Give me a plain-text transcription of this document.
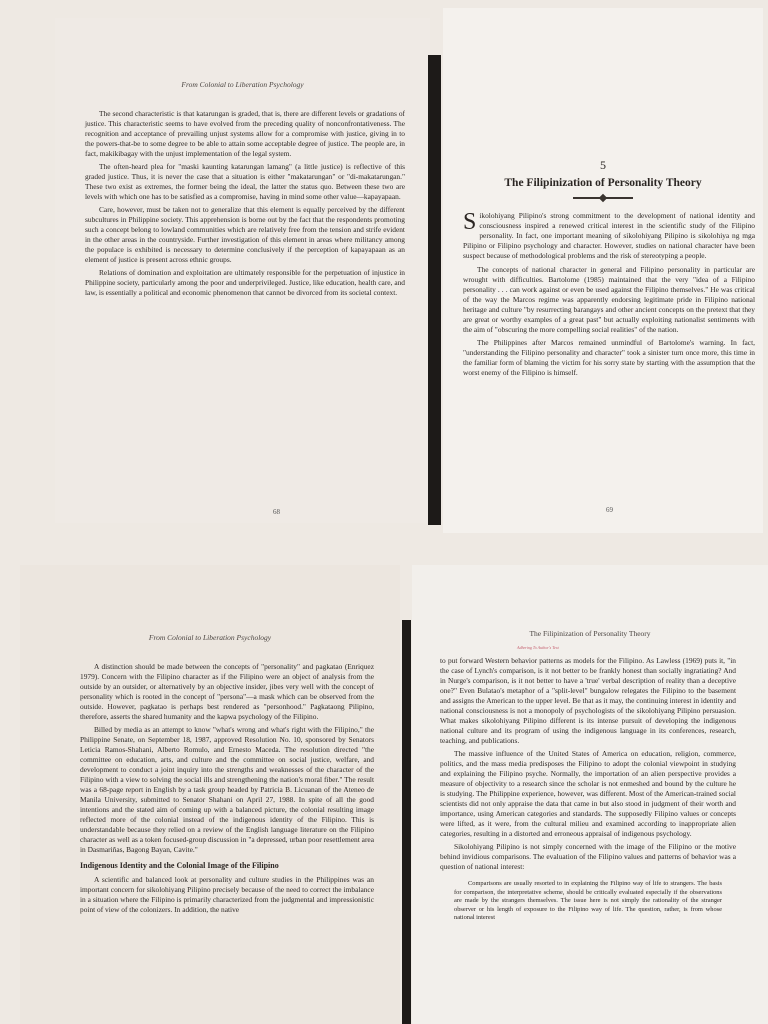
From Colonial to Liberation Psychology

The second characteristic is that katarungan is graded, that is, there are different levels or gradations of justice. This characteristic seems to have evolved from the preceding quality of nonconfrontativeness. The recognition and acceptance of prevailing unjust systems allow for a compromise with justice, giving in to the powers-that-be to some degree to be able to attain some acceptable degree of justice. The people are, in fact, makikibagay with the unjust implementation of the legal system.

The often-heard plea for "maski kaunting katarungan lamang" (a little justice) is reflective of this graded justice. Thus, it is never the case that a situation is either "makatarungan" or "di-makatarungan." These two exist as extremes, the former being the ideal, the latter the status quo. Between these two are levels with which one has to be satisfied as a compromise, having in mind some other value—kapayapaan.

Care, however, must be taken not to generalize that this element is equally perceived by the different subcultures in Philippine society. This apprehension is borne out by the fact that the respondents promoting such a concept belong to lowland communities which are relatively free from the tension and strife evident in the other areas in the countryside. Further investigation of this element in areas where militancy among the populace is exhibited is necessary to determine conclusively if the perception of kapayapaan as an element of justice is present across ethnic groups.

Relations of domination and exploitation are ultimately responsible for the perpetuation of injustice in Philippine society, particularly among the poor and underprivileged. Justice, like education, health care, and law, is essentially a political and economic phenomenon that cannot be divorced from its societal context.

68
5
The Filipinization of Personality Theory

Sikolohiyang Pilipino's strong commitment to the development of national identity and consciousness inspired a renewed critical interest in the scientific study of the Filipino personality. In fact, one important meaning of sikolohiyang Pilipino is sikolohiya ng mga Pilipino or Filipino psychology and character. However, studies on national character have been suspect because of methodological problems and the risk of stereotyping a people.

The concepts of national character in general and Filipino personality in particular are wrought with difficulties. Bartolome (1985) maintained that the very "idea of a Filipino personality . . . can work against or even be used against the Filipino themselves." He was critical of the way the Marcos regime was apparently endorsing legitimate pride in Filipino national heritage and culture "by resurrecting barangays and other ancient concepts on the pretext that they are great or worthy examples of a great past" but actually exploiting nationalist sentiments with the aim of "obscuring the more compelling social realities" of the nation.

The Philippines after Marcos remained unmindful of Bartolome's warning. In fact, "understanding the Filipino personality and character" took a sinister turn once more, this time in the familiar form of blaming the victim for his sorry state by starting with the assumption that the worst enemy of the Filipino is himself.

69
From Colonial to Liberation Psychology

A distinction should be made between the concepts of "personality" and pagkatao (Enriquez 1979). Concern with the Filipino character as if the Filipino were an object of analysis from the outside by an outsider, or alternatively by an objective insider, jibes very well with the concept of personality which is rooted in the concept of "persona"—a mask which can be observed from the outside. However, pagkatao is perhaps best rendered as "personhood." Pagkataong Pilipino, therefore, asserts the shared humanity and the kapwa psychology of the Filipino.

Billed by media as an attempt to know "what's wrong and what's right with the Filipino," the Philippine Senate, on September 18, 1987, approved Resolution No. 10, sponsored by Senators Leticia Ramos-Shahani, Alberto Romulo, and Ernesto Maceda. The resolution directed "the committee on education, arts, and culture and the committee on social justice, welfare, and development to conduct a joint inquiry into the strengths and weaknesses of the character of the Filipino with a view to solving the social ills and strengthening the nation's moral fiber." The result was a 68-page report in English by a task group headed by Patricia B. Licuanan of the Ateneo de Manila University, submitted to Senator Shahani on April 27, 1988. In spite of all the good intentions and the stated aim of coming up with a balanced picture, the colonial resulting image reflected more of the colonial instead of the indigenous identity of the Filipino. This is understandable because they relied on a review of the English language literature on the Filipino character as well as a token focused-group discussion in "a depressed, urban poor resettlement area in Dasmariñas, Bagong Bayan, Cavite."

Indigenous Identity and the Colonial Image of the Filipino

A scientific and balanced look at personality and culture studies in the Philippines was an important concern for sikolohiyang Pilipino precisely because of the need to correct the imbalance in a situation where the Filipino is primarily characterized from the judgmental and impressionistic point of view of the colonizers. In addition, the native

The Filipinization of Personality Theory
Adhering To Author's Text

to put forward Western behavior patterns as models for the Filipino. As Lawless (1969) puts it, "in the case of Lynch's comparison, is it not better to be frankly honest than socially ingratiating? And in Nurge's comparison, is it not better to have a 'true' verbal description of reality than a deceptive one?" Even Bulatao's metaphor of a "split-level" bungalow relegates the Filipino to the basement and assigns the American to the upper level. Be that as it may, the continuing interest in identity and national consciousness is not a monopoly of psychologists of the sikolohiyang Pilipino persuasion. What makes sikolohiyang Pilipino different is its intense pursuit of developing the indigenous national culture and its program of using the indigenous language in its conferences, research, teaching, and publications.

The massive influence of the United States of America on education, religion, commerce, politics, and the mass media predisposes the Filipino to adopt the colonial viewpoint in studying and explaining the Filipino psyche. Normally, the importation of an alien perspective provides a measure of objectivity to a research since the scholar is not enmeshed and bound by the culture he is studying. The Philippine experience, however, was different. Most of the American-trained social scientists did not only appraise the data that came in but also stood in judgment of their worth and importance, using American categories and standards. The supposedly Filipino values or concepts were lifted, as it were, from the cultural milieu and examined according to inappropriate alien categories, resulting in a distorted and erroneous appraisal of indigenous psychology.

Sikolohiyang Pilipino is not simply concerned with the image of the Filipino or the motive behind invidious comparisons. The evaluation of the Filipino values and patterns of behavior was a question of national interest:

Comparisons are usually resorted to in explaining the Filipino way of life to strangers. The basis for comparison, the interpretative scheme, should be critically evaluated especially if the observations are made by the strangers themselves. The issue here is not simply the rationality of the stranger observer or his length of exposure to the Filipino way of life. The question, rather, is from whose national interest
